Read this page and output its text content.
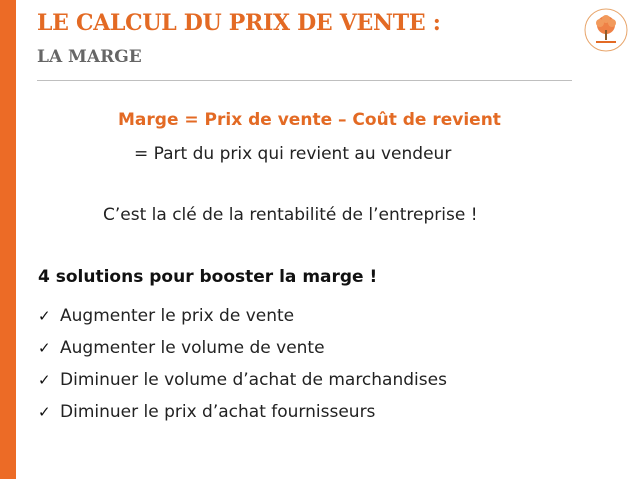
LE CALCUL DU PRIX DE VENTE :
LA MARGE
Marge = Prix de vente – Coût de revient
= Part du prix qui revient au vendeur
C’est la clé de la rentabilité de l’entreprise !
4 solutions pour booster la marge !
✓ Augmenter le prix de vente
✓ Augmenter le volume de vente
✓ Diminuer le volume d’achat de marchandises
✓ Diminuer le prix d’achat fournisseurs
